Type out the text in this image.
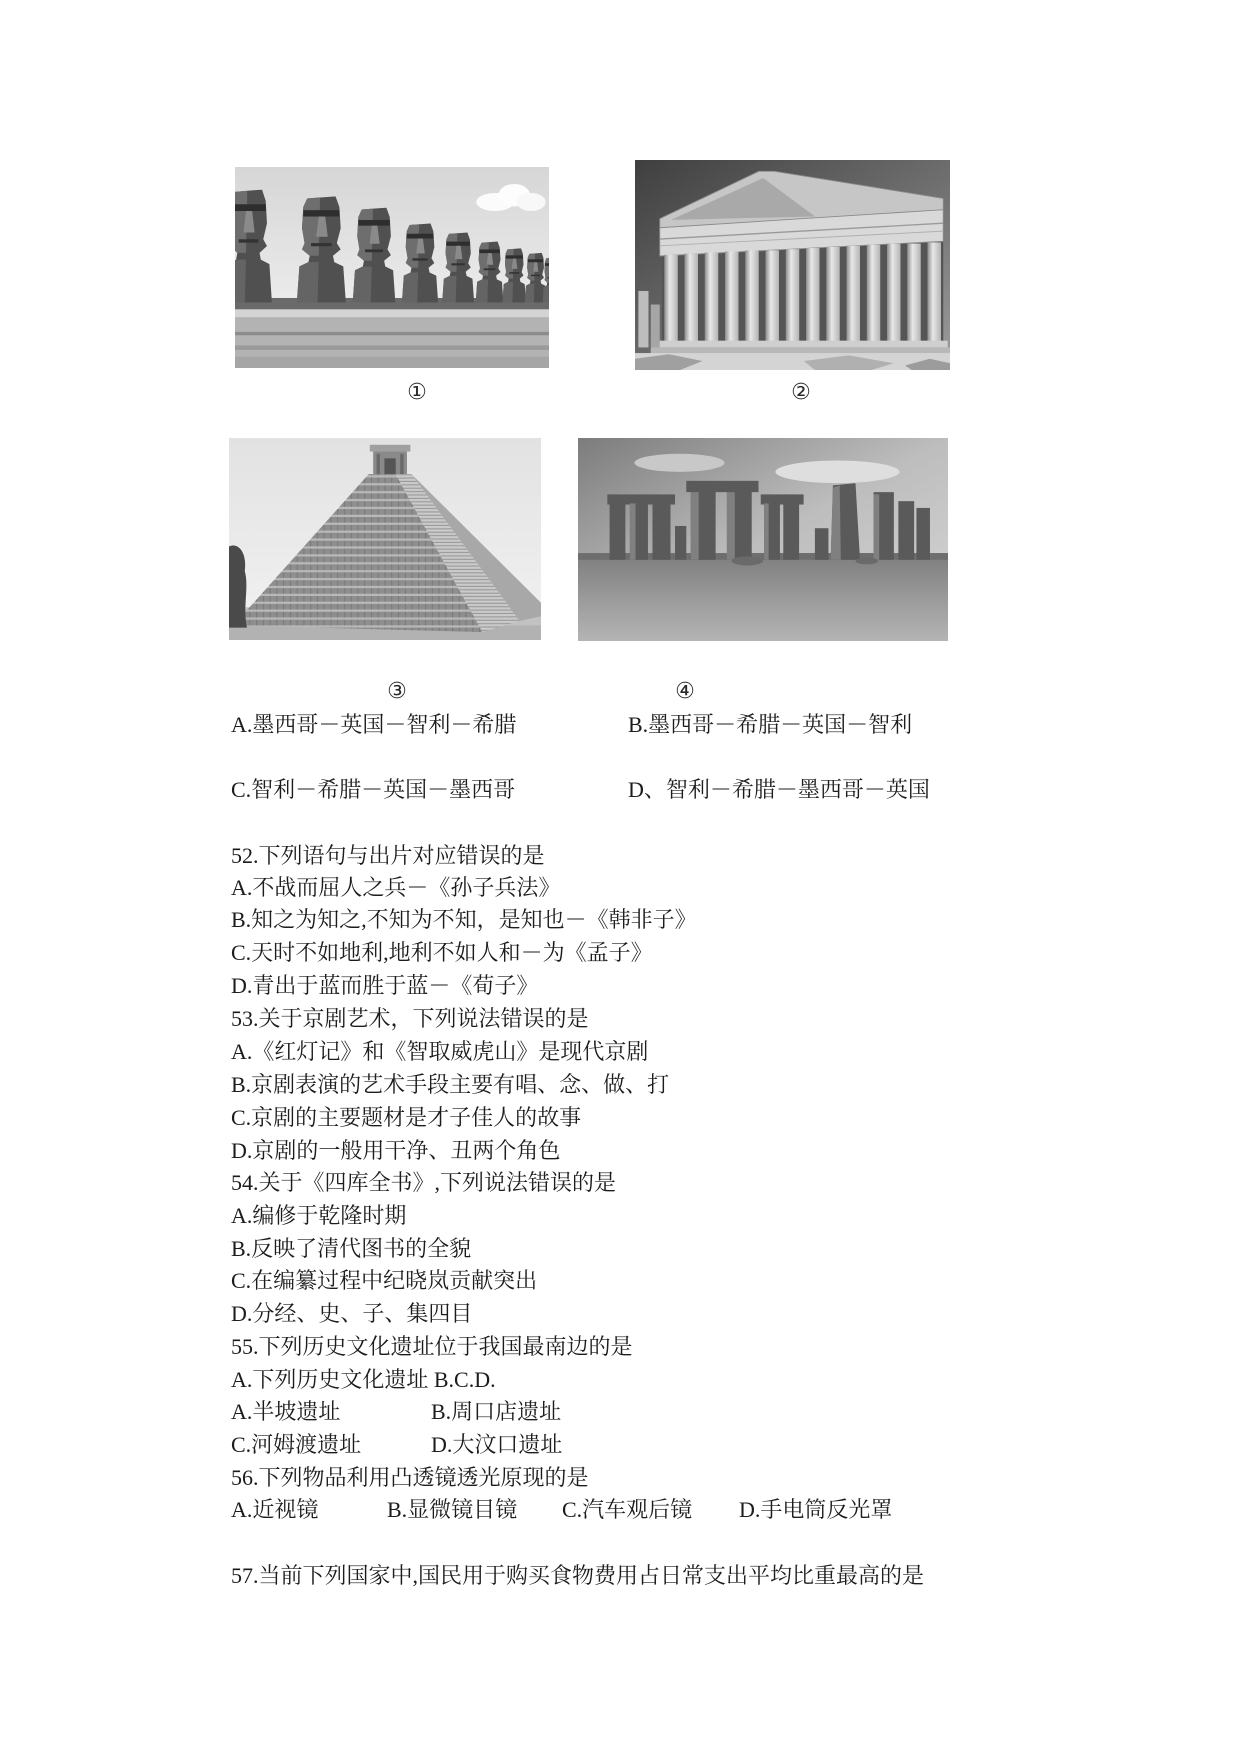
①	②
③	④
A.墨西哥－英国－智利－希腊	B.墨西哥－希腊－英国－智利
C.智利－希腊－英国－墨西哥	D、智利－希腊－墨西哥－英国
52.下列语句与出片对应错误的是
A.不战而屈人之兵－《孙子兵法》
B.知之为知之,不知为不知，是知也－《韩非子》
C.天时不如地利,地利不如人和－为《孟子》
D.青出于蓝而胜于蓝－《荀子》
53.关于京剧艺术，下列说法错误的是
A.《红灯记》和《智取威虎山》是现代京剧
B.京剧表演的艺术手段主要有唱、念、做、打
C.京剧的主要题材是才子佳人的故事
D.京剧的一般用干净、丑两个角色
54.关于《四库全书》,下列说法错误的是
A.编修于乾隆时期
B.反映了清代图书的全貌
C.在编纂过程中纪晓岚贡献突出
D.分经、史、子、集四目
55.下列历史文化遗址位于我国最南边的是
A.下列历史文化遗址 B.C.D.
A.半坡遗址	B.周口店遗址
C.河姆渡遗址	D.大汶口遗址
56.下列物品利用凸透镜透光原现的是
A.近视镜	B.显微镜目镜 C.汽车观后镜 D.手电筒反光罩
57.当前下列国家中,国民用于购买食物费用占日常支出平均比重最高的是
